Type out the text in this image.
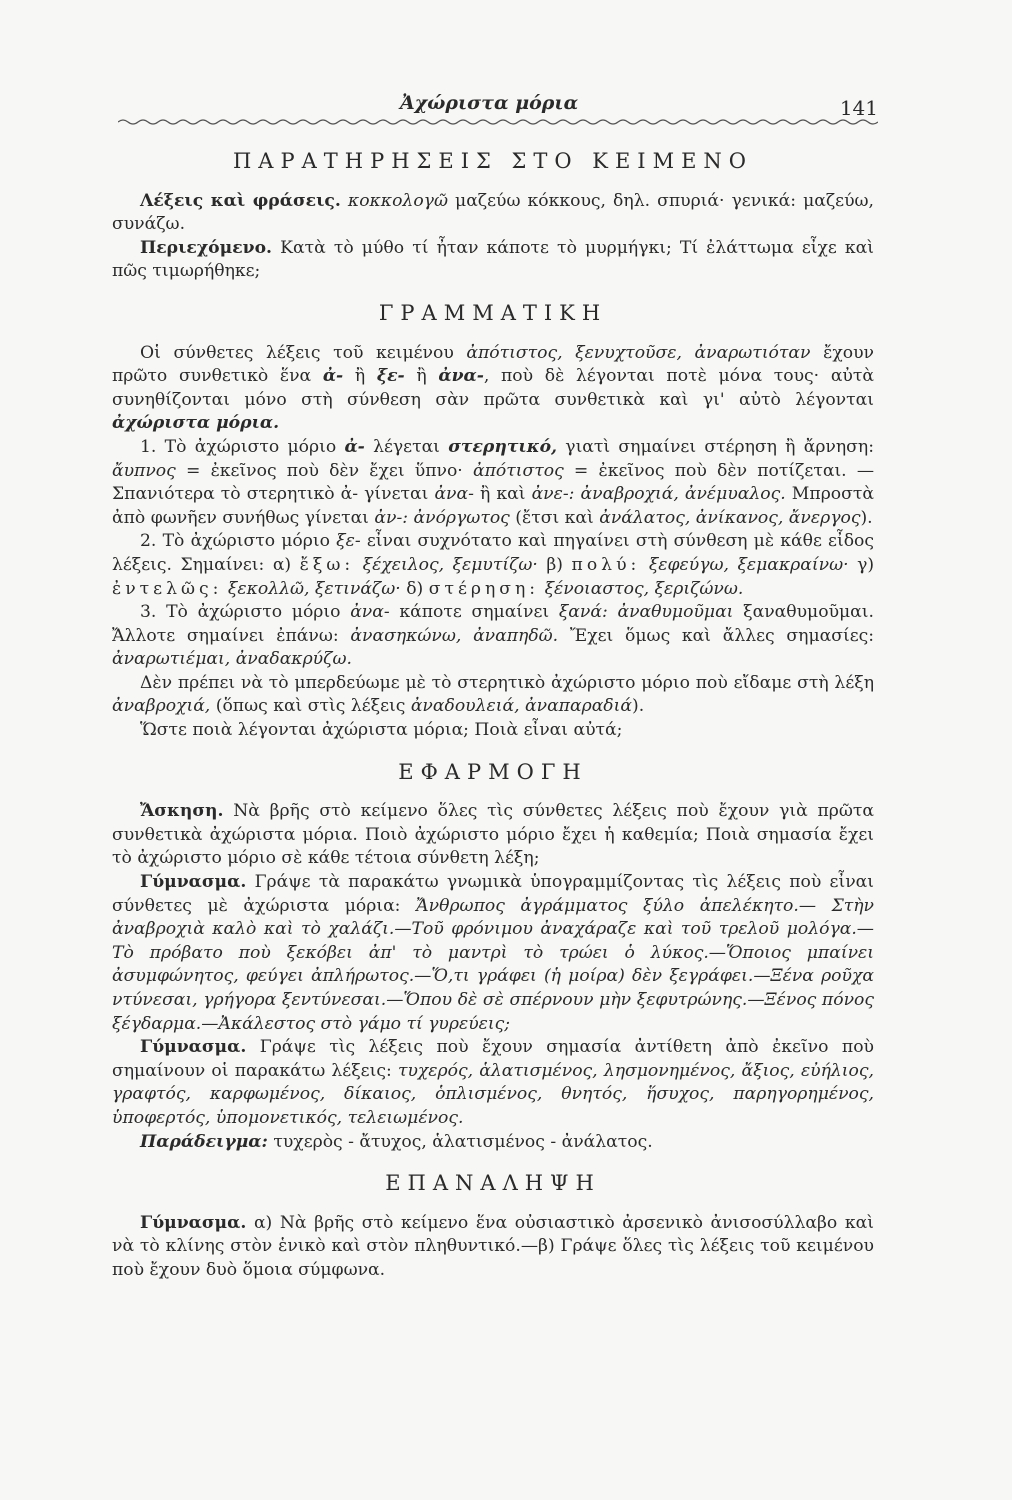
Ἀχώριστα μόρια	141

ΠΑΡΑΤΗΡΗΣΕΙΣ ΣΤΟ ΚΕΙΜΕΝΟ

Λέξεις καὶ φράσεις. κοκκολογῶ μαζεύω κόκκους, δηλ. σπυριά· γενικά: μαζεύω, συνάζω.

Περιεχόμενο. Κατὰ τὸ μύθο τί ἦταν κάποτε τὸ μυρμήγκι; Τί ἐλάττωμα εἶχε καὶ πῶς τιμωρήθηκε;

ΓΡΑΜΜΑΤΙΚΗ

Οἱ σύνθετες λέξεις τοῦ κειμένου ἀπότιστος, ξενυχτοῦσε, ἀναρωτιόταν ἔχουν πρῶτο συνθετικὸ ἕνα ἀ- ἢ ξε- ἢ ἀνα-, ποὺ δὲ λέγονται ποτὲ μόνα τους· αὐτὰ συνηθίζονται μόνο στὴ σύνθεση σὰν πρῶτα συνθετικὰ καὶ γι' αὐτὸ λέγονται ἀχώριστα μόρια.

1. Τὸ ἀχώριστο μόριο ἀ- λέγεται στερητικό, γιατὶ σημαίνει στέρηση ἢ ἄρνηση: ἄυπνος = ἐκεῖνος ποὺ δὲν ἔχει ὕπνο· ἀπότιστος = ἐκεῖνος ποὺ δὲν ποτίζεται. — Σπανιότερα τὸ στερητικὸ ἀ- γίνεται ἀνα- ἢ καὶ ἀνε-: ἀναβροχιά, ἀνέμυαλος. Μπροστὰ ἀπὸ φωνῆεν συνήθως γίνεται ἀν-: ἀνόργωτος (ἔτσι καὶ ἀνάλατος, ἀνίκανος, ἄνεργος).

2. Τὸ ἀχώριστο μόριο ξε- εἶναι συχνότατο καὶ πηγαίνει στὴ σύνθεση μὲ κάθε εἶδος λέξεις. Σημαίνει: α) ἔξω: ξέχειλος, ξεμυτίζω· β) πολύ: ξεφεύγω, ξεμακραίνω· γ) ἐντελῶς: ξεκολλῶ, ξετινάζω· δ) στέρηση: ξένοιαστος, ξεριζώνω.

3. Τὸ ἀχώριστο μόριο ἀνα- κάποτε σημαίνει ξανά: ἀναθυμοῦμαι ξαναθυμοῦμαι. Ἄλλοτε σημαίνει ἐπάνω: ἀνασηκώνω, ἀναπηδῶ. Ἔχει ὅμως καὶ ἄλλες σημασίες: ἀναρωτιέμαι, ἀναδακρύζω.

Δὲν πρέπει νὰ τὸ μπερδεύωμε μὲ τὸ στερητικὸ ἀχώριστο μόριο ποὺ εἴδαμε στὴ λέξη ἀναβροχιά, (ὅπως καὶ στὶς λέξεις ἀναδουλειά, ἀναπαραδιά).

Ὥστε ποιὰ λέγονται ἀχώριστα μόρια; Ποιὰ εἶναι αὐτά;

ΕΦΑΡΜΟΓΗ

Ἄσκηση. Νὰ βρῆς στὸ κείμενο ὅλες τὶς σύνθετες λέξεις ποὺ ἔχουν γιὰ πρῶτα συνθετικὰ ἀχώριστα μόρια. Ποιὸ ἀχώριστο μόριο ἔχει ἡ καθεμία; Ποιὰ σημασία ἔχει τὸ ἀχώριστο μόριο σὲ κάθε τέτοια σύνθετη λέξη;

Γύμνασμα. Γράψε τὰ παρακάτω γνωμικὰ ὑπογραμμίζοντας τὶς λέξεις ποὺ εἶναι σύνθετες μὲ ἀχώριστα μόρια: Ἄνθρωπος ἀγράμματος ξύλο ἀπελέκητο.— Στὴν ἀναβροχιὰ καλὸ καὶ τὸ χαλάζι.—Τοῦ φρόνιμου ἀναχάραζε καὶ τοῦ τρελοῦ μολόγα.—Τὸ πρόβατο ποὺ ξεκόβει ἀπ' τὸ μαντρὶ τὸ τρώει ὁ λύκος.—Ὅποιος μπαίνει ἀσυμφώνητος, φεύγει ἀπλήρωτος.—Ὅ,τι γράφει (ἡ μοίρα) δὲν ξεγράφει.—Ξένα ροῦχα ντύνεσαι, γρήγορα ξεντύνεσαι.—Ὅπου δὲ σὲ σπέρνουν μὴν ξεφυτρώνης.—Ξένος πόνος ξέγδαρμα.—Ἀκάλεστος στὸ γάμο τί γυρεύεις;

Γύμνασμα. Γράψε τὶς λέξεις ποὺ ἔχουν σημασία ἀντίθετη ἀπὸ ἐκεῖνο ποὺ σημαίνουν οἱ παρακάτω λέξεις: τυχερός, ἁλατισμένος, λησμονημένος, ἄξιος, εὐήλιος, γραφτός, καρφωμένος, δίκαιος, ὁπλισμένος, θνητός, ἥσυχος, παρηγορημένος, ὑποφερτός, ὑπομονετικός, τελειωμένος.

Παράδειγμα: τυχερὸς - ἄτυχος, ἁλατισμένος - ἀνάλατος.

ΕΠΑΝΑΛΗΨΗ

Γύμνασμα. α) Νὰ βρῆς στὸ κείμενο ἕνα οὐσιαστικὸ ἀρσενικὸ ἀνισοσύλλαβο καὶ νὰ τὸ κλίνης στὸν ἑνικὸ καὶ στὸν πληθυντικό.—β) Γράψε ὅλες τὶς λέξεις τοῦ κειμένου ποὺ ἔχουν δυὸ ὅμοια σύμφωνα.
